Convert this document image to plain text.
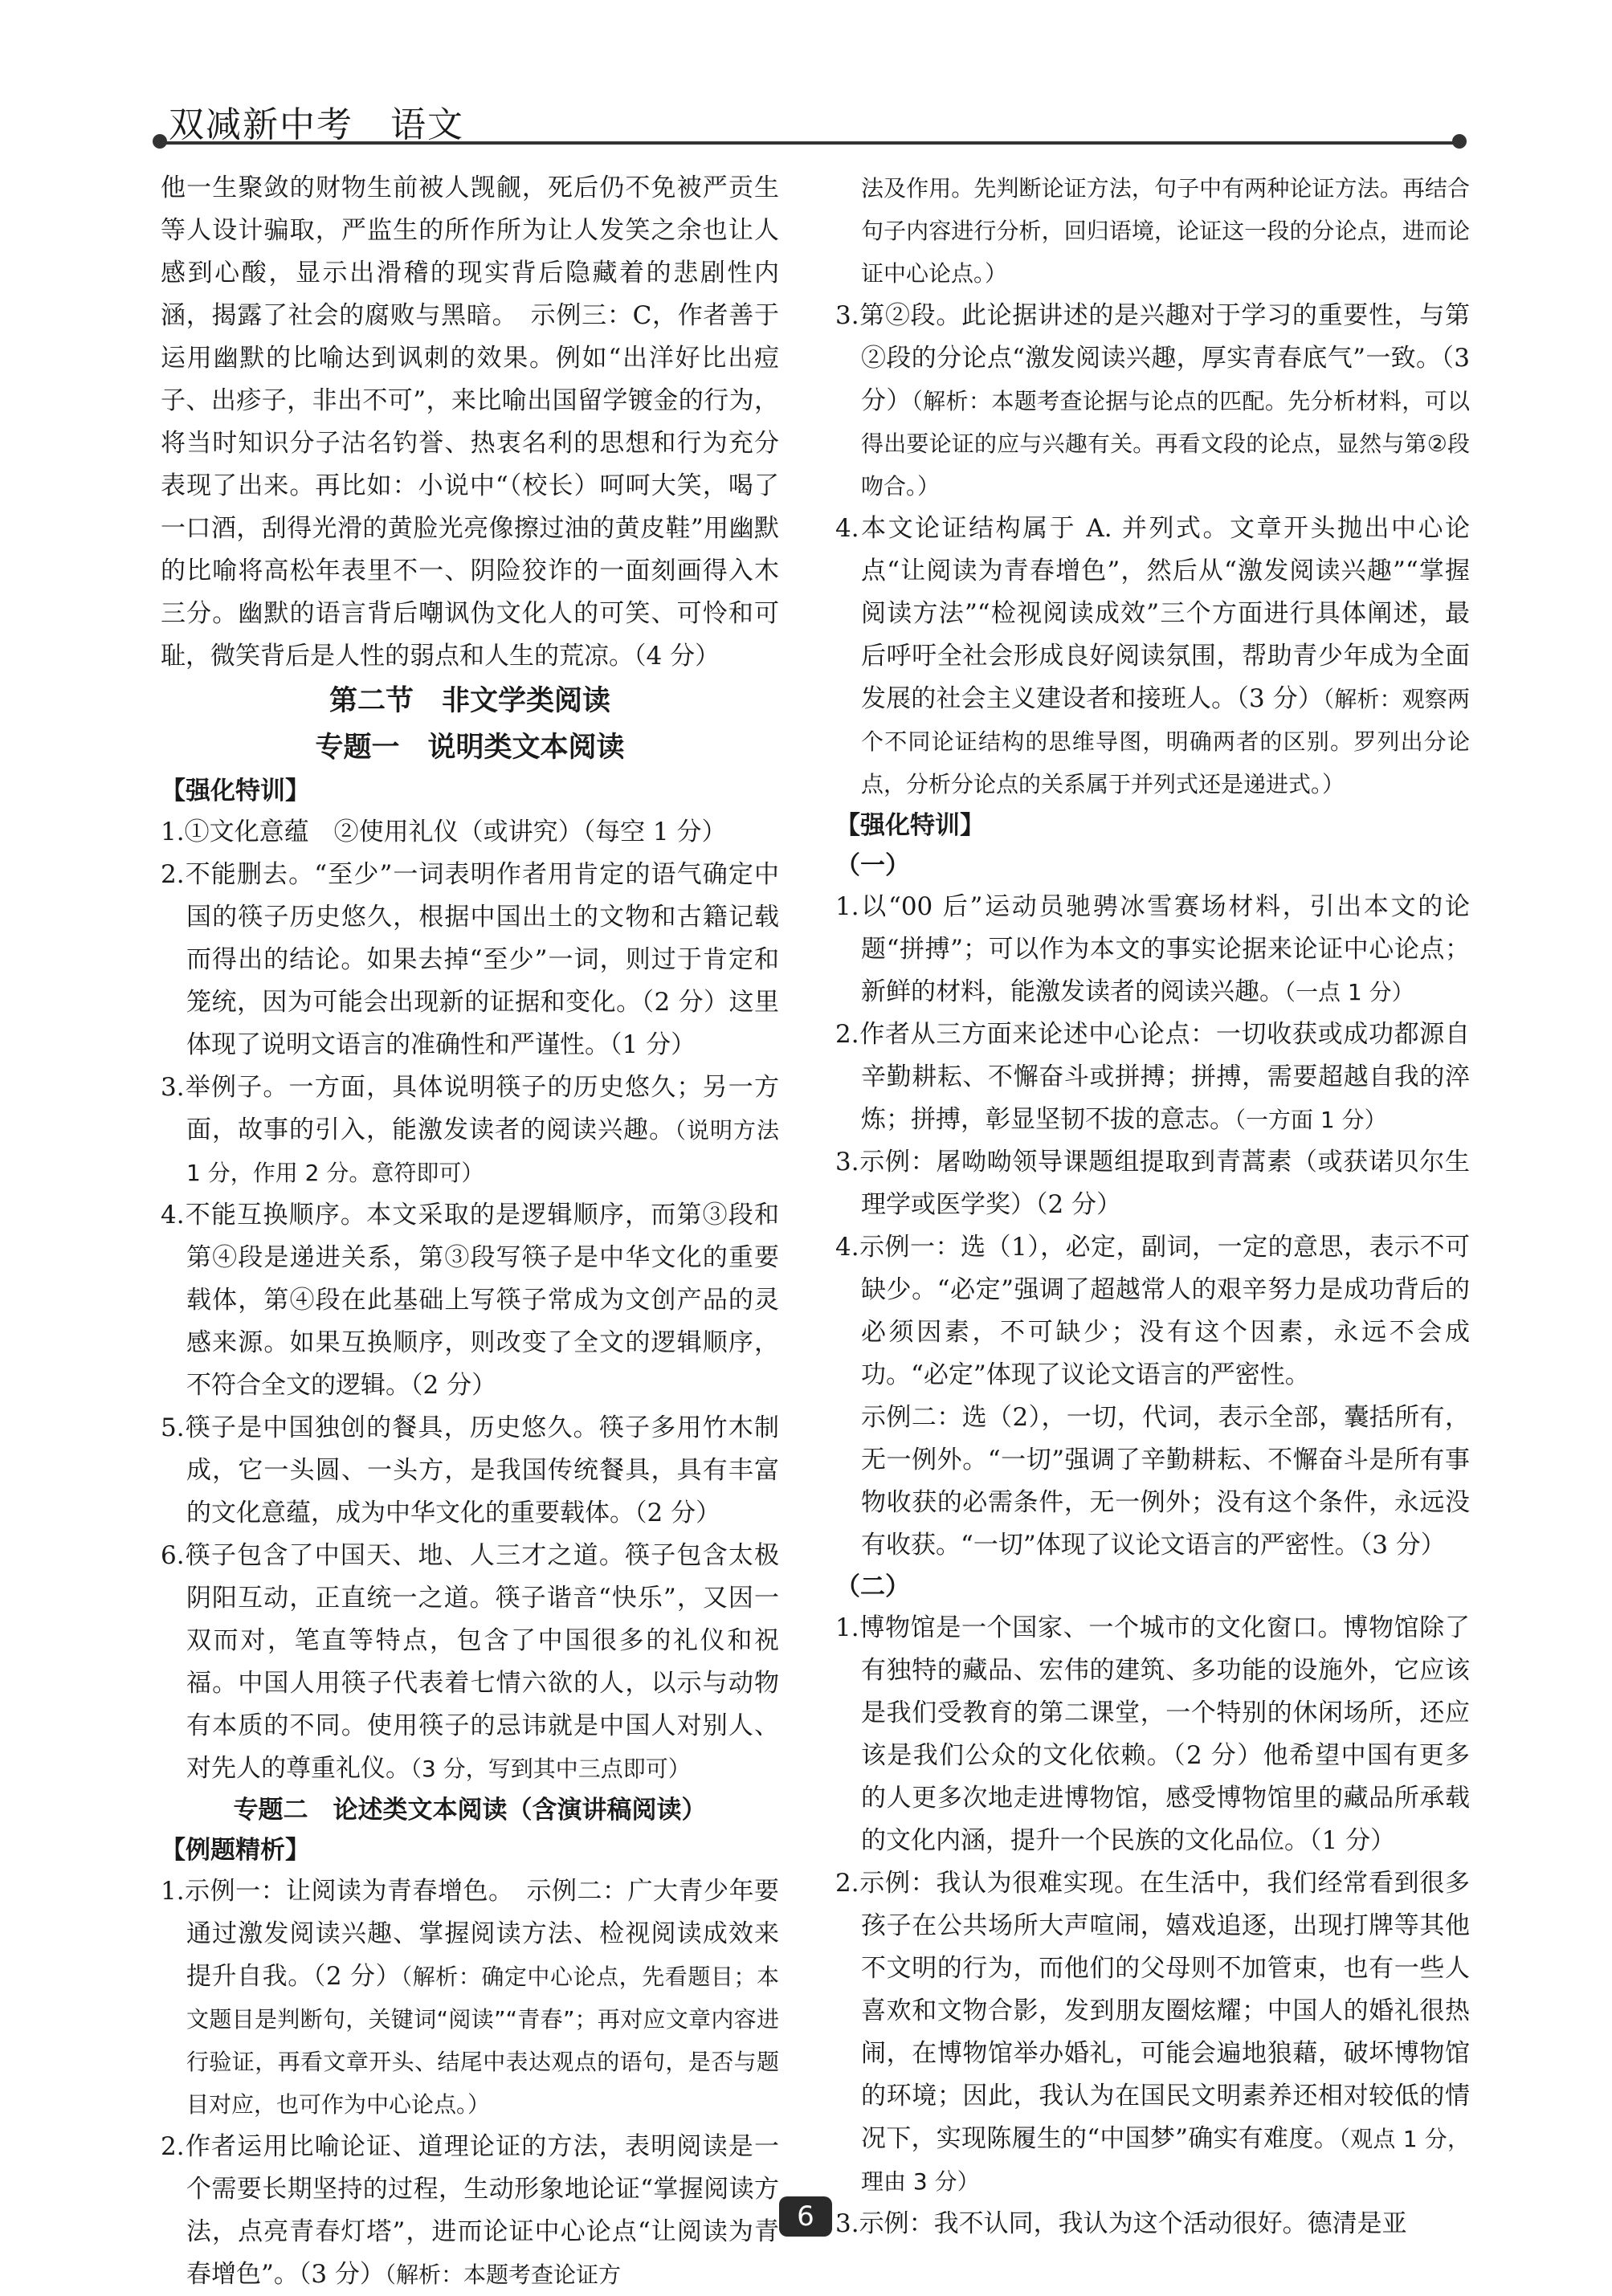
双减新中考　语文

他一生聚敛的财物生前被人觊觎，死后仍不免被严贡生等人设计骗取，严监生的所作所为让人发笑之余也让人感到心酸，显示出滑稽的现实背后隐藏着的悲剧性内涵，揭露了社会的腐败与黑暗。　示例三：C，作者善于运用幽默的比喻达到讽刺的效果。例如“出洋好比出痘子、出疹子，非出不可”，来比喻出国留学镀金的行为，将当时知识分子沽名钓誉、热衷名利的思想和行为充分表现了出来。再比如：小说中“（校长）呵呵大笑，喝了一口酒，刮得光滑的黄脸光亮像擦过油的黄皮鞋”用幽默的比喻将高松年表里不一、阴险狡诈的一面刻画得入木三分。幽默的语言背后嘲讽伪文化人的可笑、可怜和可耻，微笑背后是人性的弱点和人生的荒凉。（4 分）

第二节　非文学类阅读

专题一　说明类文本阅读

【强化特训】

1.①文化意蕴　②使用礼仪（或讲究）（每空 1 分）

2.不能删去。“至少”一词表明作者用肯定的语气确定中国的筷子历史悠久，根据中国出土的文物和古籍记载而得出的结论。如果去掉“至少”一词，则过于肯定和笼统，因为可能会出现新的证据和变化。（2 分）这里体现了说明文语言的准确性和严谨性。（1 分）

3.举例子。一方面，具体说明筷子的历史悠久；另一方面，故事的引入，能激发读者的阅读兴趣。（说明方法 1 分，作用 2 分。意符即可）

4.不能互换顺序。本文采取的是逻辑顺序，而第③段和第④段是递进关系，第③段写筷子是中华文化的重要载体，第④段在此基础上写筷子常成为文创产品的灵感来源。如果互换顺序，则改变了全文的逻辑顺序，不符合全文的逻辑。（2 分）

5.筷子是中国独创的餐具，历史悠久。筷子多用竹木制成，它一头圆、一头方，是我国传统餐具，具有丰富的文化意蕴，成为中华文化的重要载体。（2 分）

6.筷子包含了中国天、地、人三才之道。筷子包含太极阴阳互动，正直统一之道。筷子谐音“快乐”，又因一双而对，笔直等特点，包含了中国很多的礼仪和祝福。中国人用筷子代表着七情六欲的人，以示与动物有本质的不同。使用筷子的忌讳就是中国人对别人、对先人的尊重礼仪。（3 分，写到其中三点即可）

专题二　论述类文本阅读（含演讲稿阅读）

【例题精析】

1.示例一：让阅读为青春增色。　示例二：广大青少年要通过激发阅读兴趣、掌握阅读方法、检视阅读成效来提升自我。（2 分）（解析：确定中心论点，先看题目；本文题目是判断句，关键词“阅读”“青春”；再对应文章内容进行验证，再看文章开头、结尾中表达观点的语句，是否与题目对应，也可作为中心论点。）

2.作者运用比喻论证、道理论证的方法，表明阅读是一个需要长期坚持的过程，生动形象地论证“掌握阅读方法，点亮青春灯塔”，进而论证中心论点“让阅读为青春增色”。（3 分）（解析：本题考查论证方

法及作用。先判断论证方法，句子中有两种论证方法。再结合句子内容进行分析，回归语境，论证这一段的分论点，进而论证中心论点。）

3.第②段。此论据讲述的是兴趣对于学习的重要性，与第②段的分论点“激发阅读兴趣，厚实青春底气”一致。（3 分）（解析：本题考查论据与论点的匹配。先分析材料，可以得出要论证的应与兴趣有关。再看文段的论点，显然与第②段吻合。）

4.本文论证结构属于 A. 并列式。文章开头抛出中心论点“让阅读为青春增色”，然后从“激发阅读兴趣”“掌握阅读方法”“检视阅读成效”三个方面进行具体阐述，最后呼吁全社会形成良好阅读氛围，帮助青少年成为全面发展的社会主义建设者和接班人。（3 分）（解析：观察两个不同论证结构的思维导图，明确两者的区别。罗列出分论点，分析分论点的关系属于并列式还是递进式。）

【强化特训】

（一）

1.以“00 后”运动员驰骋冰雪赛场材料，引出本文的论题“拼搏”；可以作为本文的事实论据来论证中心论点；新鲜的材料，能激发读者的阅读兴趣。（一点 1 分）

2.作者从三方面来论述中心论点：一切收获或成功都源自辛勤耕耘、不懈奋斗或拼搏；拼搏，需要超越自我的淬炼；拼搏，彰显坚韧不拔的意志。（一方面 1 分）

3.示例：屠呦呦领导课题组提取到青蒿素（或获诺贝尔生理学或医学奖）（2 分）

4.示例一：选（1），必定，副词，一定的意思，表示不可缺少。“必定”强调了超越常人的艰辛努力是成功背后的必须因素，不可缺少；没有这个因素，永远不会成功。“必定”体现了议论文语言的严密性。

示例二：选（2），一切，代词，表示全部，囊括所有，无一例外。“一切”强调了辛勤耕耘、不懈奋斗是所有事物收获的必需条件，无一例外；没有这个条件，永远没有收获。“一切”体现了议论文语言的严密性。（3 分）

（二）

1.博物馆是一个国家、一个城市的文化窗口。博物馆除了有独特的藏品、宏伟的建筑、多功能的设施外，它应该是我们受教育的第二课堂，一个特别的休闲场所，还应该是我们公众的文化依赖。（2 分）他希望中国有更多的人更多次地走进博物馆，感受博物馆里的藏品所承载的文化内涵，提升一个民族的文化品位。（1 分）

2.示例：我认为很难实现。在生活中，我们经常看到很多孩子在公共场所大声喧闹，嬉戏追逐，出现打牌等其他不文明的行为，而他们的父母则不加管束，也有一些人喜欢和文物合影，发到朋友圈炫耀；中国人的婚礼很热闹，在博物馆举办婚礼，可能会遍地狼藉，破坏博物馆的环境；因此，我认为在国民文明素养还相对较低的情况下，实现陈履生的“中国梦”确实有难度。（观点 1 分，理由 3 分）

3.示例：我不认同，我认为这个活动很好。德清是亚

6
